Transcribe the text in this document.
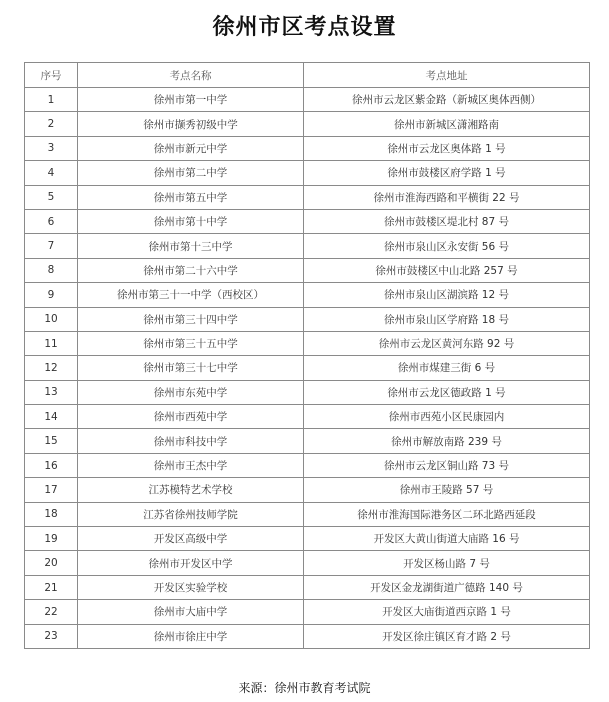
徐州市区考点设置
序号	考点名称	考点地址
1	徐州市第一中学	徐州市云龙区紫金路（新城区奥体西侧）
2	徐州市撷秀初级中学	徐州市新城区潇湘路南
3	徐州市新元中学	徐州市云龙区奥体路 1 号
4	徐州市第二中学	徐州市鼓楼区府学路 1 号
5	徐州市第五中学	徐州市淮海西路和平横街 22 号
6	徐州市第十中学	徐州市鼓楼区堤北村 87 号
7	徐州市第十三中学	徐州市泉山区永安街 56 号
8	徐州市第二十六中学	徐州市鼓楼区中山北路 257 号
9	徐州市第三十一中学（西校区）	徐州市泉山区湖滨路 12 号
10	徐州市第三十四中学	徐州市泉山区学府路 18 号
11	徐州市第三十五中学	徐州市云龙区黄河东路 92 号
12	徐州市第三十七中学	徐州市煤建三街 6 号
13	徐州市东苑中学	徐州市云龙区德政路 1 号
14	徐州市西苑中学	徐州市西苑小区民康园内
15	徐州市科技中学	徐州市解放南路 239 号
16	徐州市王杰中学	徐州市云龙区铜山路 73 号
17	江苏模特艺术学校	徐州市王陵路 57 号
18	江苏省徐州技师学院	徐州市淮海国际港务区二环北路西延段
19	开发区高级中学	开发区大黄山街道大庙路 16 号
20	徐州市开发区中学	开发区杨山路 7 号
21	开发区实验学校	开发区金龙湖街道广德路 140 号
22	徐州市大庙中学	开发区大庙街道西京路 1 号
23	徐州市徐庄中学	开发区徐庄镇区育才路 2 号
来源：徐州市教育考试院
